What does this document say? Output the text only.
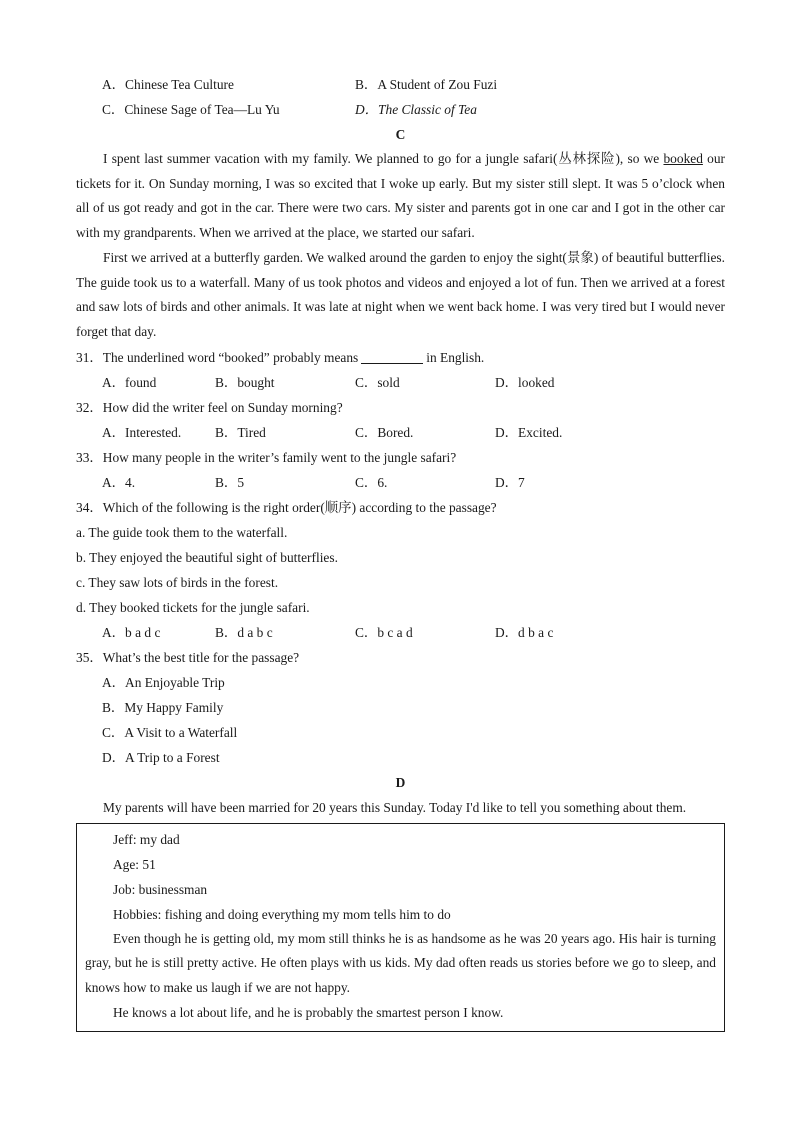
A．Chinese Tea Culture	B．A Student of Zou Fuzi
C．Chinese Sage of Tea—Lu Yu	D．The Classic of Tea
C
I spent last summer vacation with my family. We planned to go for a jungle safari(丛林探险), so we booked our tickets for it. On Sunday morning, I was so excited that I woke up early. But my sister still slept. It was 5 o’clock when all of us got ready and got in the car. There were two cars. My sister and parents got in one car and I got in the other car with my grandparents. When we arrived at the place, we started our safari.
First we arrived at a butterfly garden. We walked around the garden to enjoy the sight(景象) of beautiful butterflies. The guide took us to a waterfall. Many of us took photos and videos and enjoyed a lot of fun. Then we arrived at a forest and saw lots of birds and other animals. It was late at night when we went back home. I was very tired but I would never forget that day.
31．The underlined word “booked” probably means	in English.
A．found	B．bought	C．sold	D．looked
32．How did the writer feel on Sunday morning?
A．Interested.	B．Tired	C．Bored.	D．Excited.
33．How many people in the writer’s family went to the jungle safari?
A．4.	B．5	C．6.	D．7
34．Which of the following is the right order(顺序) according to the passage?
a. The guide took them to the waterfall.
b. They enjoyed the beautiful sight of butterflies.
c. They saw lots of birds in the forest.
d. They booked tickets for the jungle safari.
A．b a d c	B．d a b c	C．b c a d	D．d b a c
35．What’s the best title for the passage?
A．An Enjoyable Trip
B．My Happy Family
C．A Visit to a Waterfall
D．A Trip to a Forest
D
My parents will have been married for 20 years this Sunday. Today I'd like to tell you something about them.
Jeff: my dad
Age: 51
Job: businessman
Hobbies: fishing and doing everything my mom tells him to do
Even though he is getting old, my mom still thinks he is as handsome as he was 20 years ago. His hair is turning gray, but he is still pretty active. He often plays with us kids. My dad often reads us stories before we go to sleep, and knows how to make us laugh if we are not happy.
He knows a lot about life, and he is probably the smartest person I know.
